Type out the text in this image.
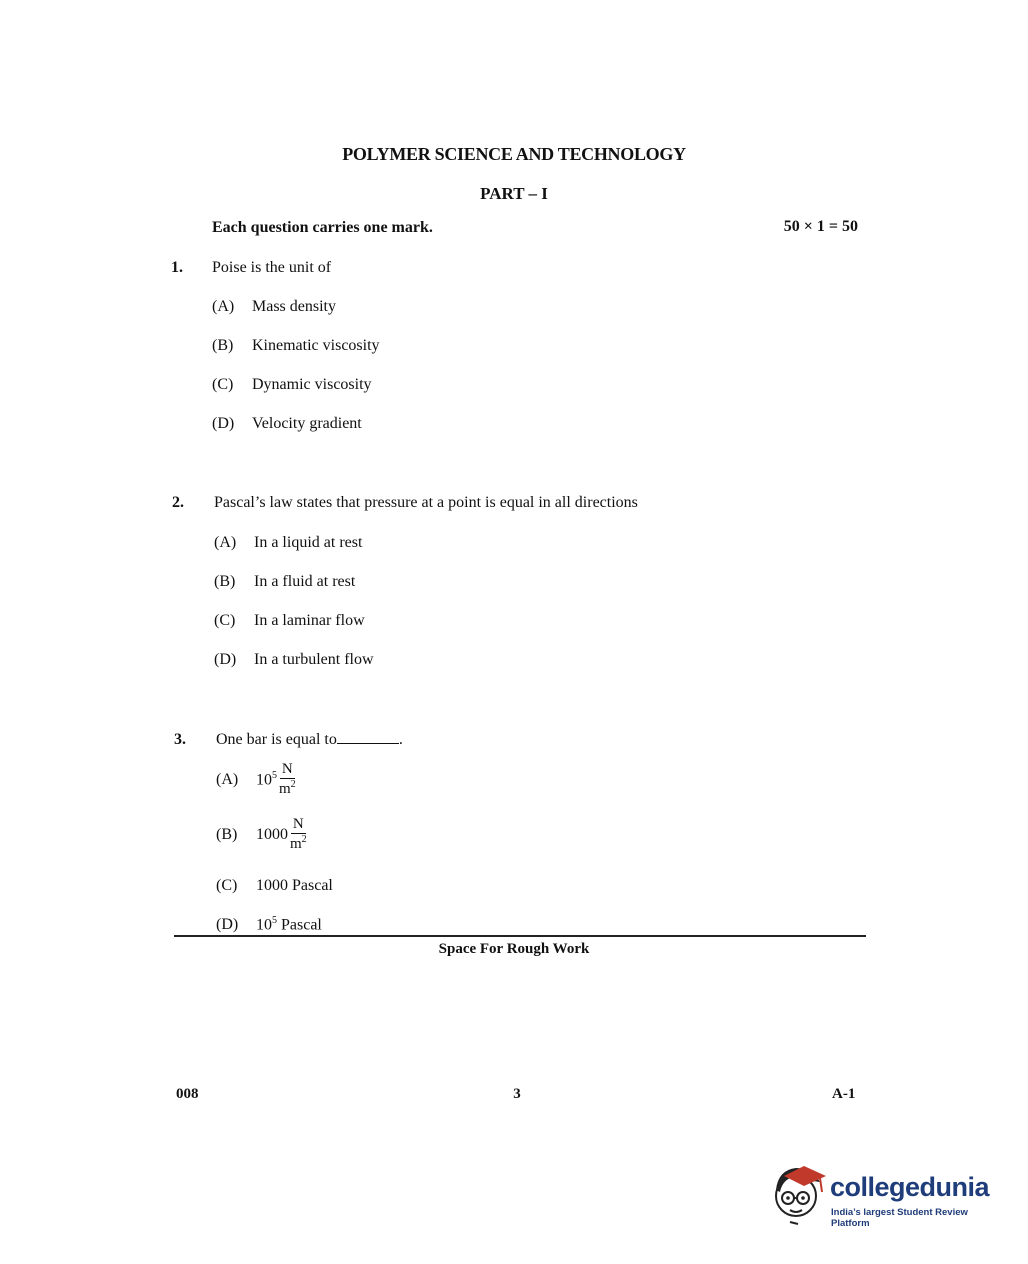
POLYMER SCIENCE AND TECHNOLOGY
PART – I
Each question carries one mark.	50 × 1 = 50
1. Poise is the unit of
(A)	Mass density
(B)	Kinematic viscosity
(C)	Dynamic viscosity
(D)	Velocity gradient
2. Pascal’s law states that pressure at a point is equal in all directions
(A)	In a liquid at rest
(B)	In a fluid at rest
(C)	In a laminar flow
(D)	In a turbulent flow
3. One bar is equal to	.
(A)	$10^5 \frac{N}{m^2}$
(B)	$1000 \frac{N}{m^2}$
(C)	1000 Pascal
(D)	$10^5$ Pascal
Space For Rough Work
008	3	A-1
collegedunia
India’s largest Student Review Platform
